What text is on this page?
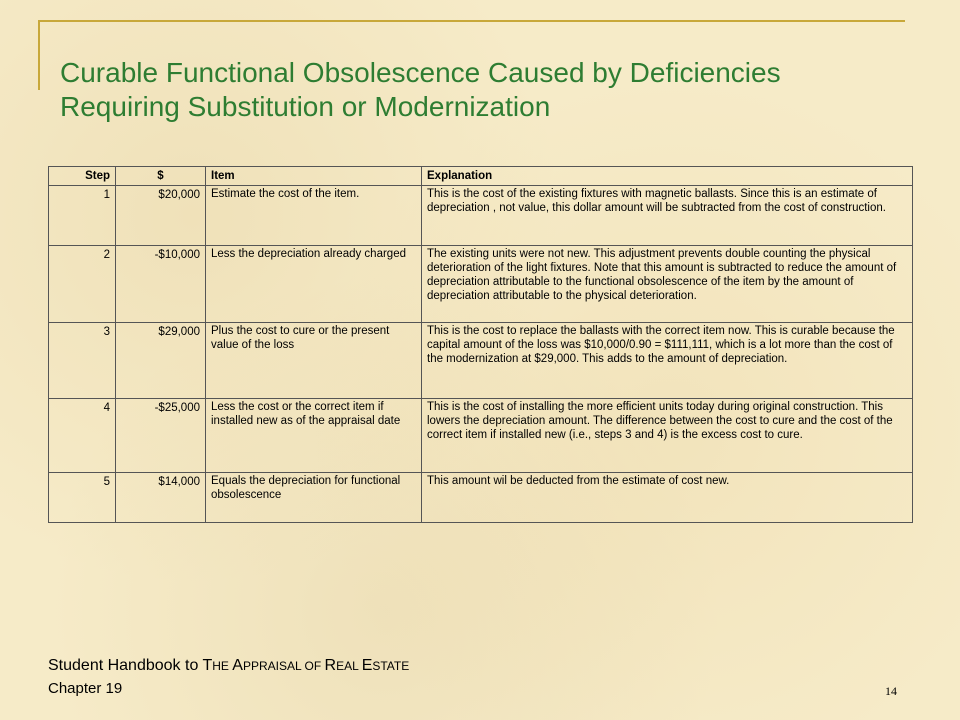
Curable Functional Obsolescence Caused by Deficiencies
Requiring Substitution or Modernization
Step	$	Item	Explanation
1	$20,000	Estimate the cost of the item.	This is the cost of the existing fixtures with magnetic ballasts. Since this is an estimate of depreciation , not value, this dollar amount will be subtracted from the cost of construction.
2	-$10,000	Less the depreciation already charged	The existing units were not new. This adjustment prevents double counting the physical deterioration of the light fixtures. Note that this amount is subtracted to reduce the amount of depreciation attributable to the functional obsolescence of the item by the amount of depreciation attributable to the physical deterioration.
3	$29,000	Plus the cost to cure or the present value of the loss	This is the cost to replace the ballasts with the correct item now. This is curable because the capital amount of the loss was $10,000/0.90 = $111,111, which is a lot more than the cost of the modernization at $29,000. This adds to the amount of depreciation.
4	-$25,000	Less the cost or the correct item if installed new as of the appraisal date	This is the cost of installing the more efficient units today during original construction. This lowers the depreciation amount. The difference between the cost to cure and the cost of the correct item if installed new (i.e., steps 3 and 4) is the excess cost to cure.
5	$14,000	Equals the depreciation for functional obsolescence	This amount wil be deducted from the estimate of cost new.
Student Handbook to THE APPRAISAL OF REAL ESTATE
Chapter 19	14
